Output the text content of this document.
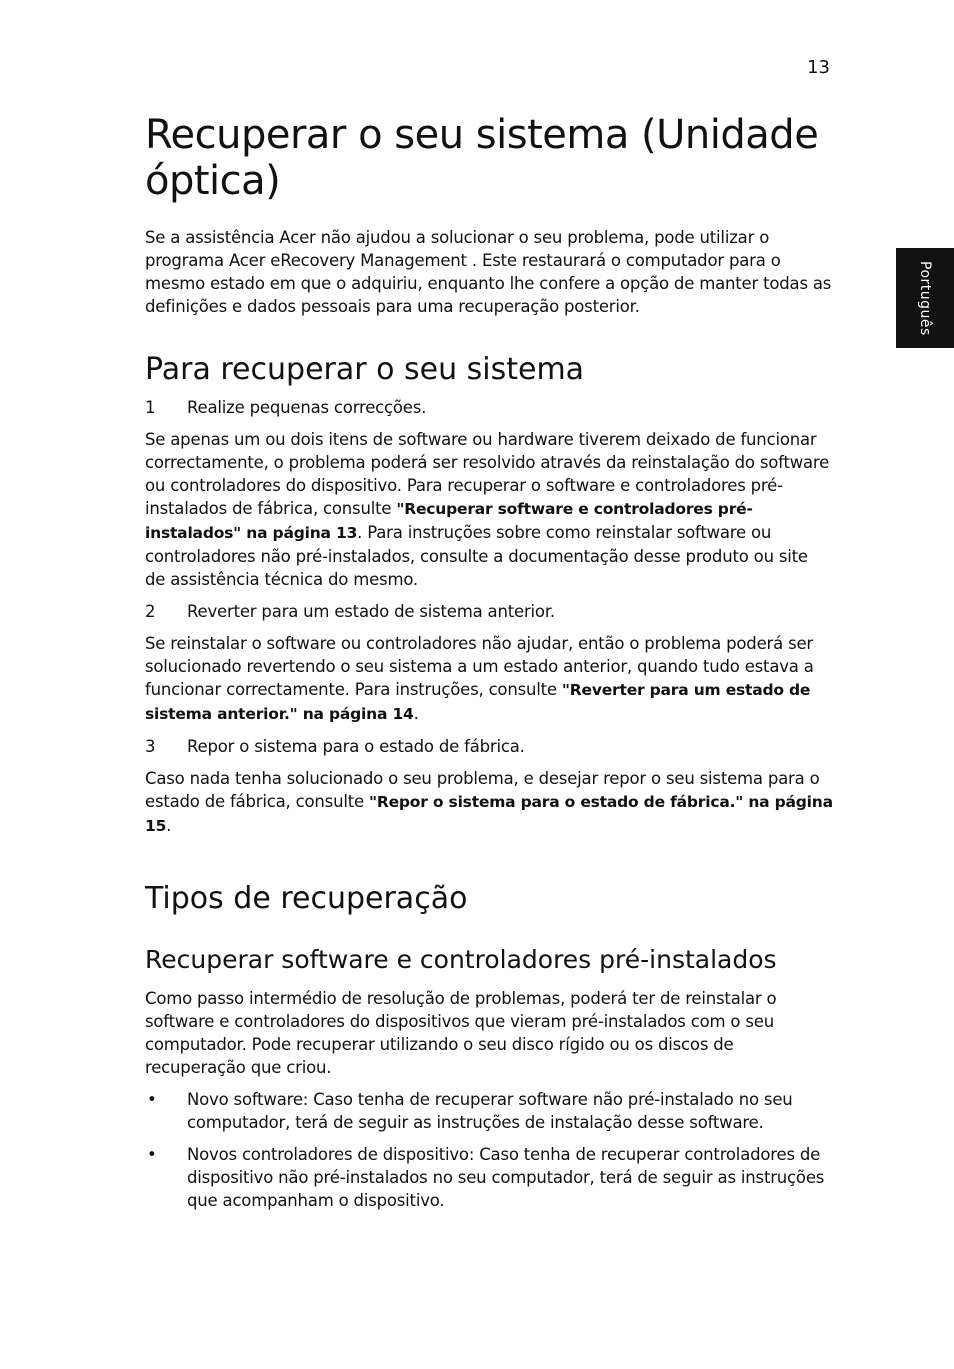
13
Português
Recuperar o seu sistema (Unidade óptica)

Se a assistência Acer não ajudou a solucionar o seu problema, pode utilizar o programa Acer eRecovery Management . Este restaurará o computador para o mesmo estado em que o adquiriu, enquanto lhe confere a opção de manter todas as definições e dados pessoais para uma recuperação posterior.

Para recuperar o seu sistema
1	Realize pequenas correcções.

Se apenas um ou dois itens de software ou hardware tiverem deixado de funcionar correctamente, o problema poderá ser resolvido através da reinstalação do software ou controladores do dispositivo. Para recuperar o software e controladores pré-instalados de fábrica, consulte "Recuperar software e controladores pré-instalados" na página 13. Para instruções sobre como reinstalar software ou controladores não pré-instalados, consulte a documentação desse produto ou site de assistência técnica do mesmo.

2	Reverter para um estado de sistema anterior.

Se reinstalar o software ou controladores não ajudar, então o problema poderá ser solucionado revertendo o seu sistema a um estado anterior, quando tudo estava a funcionar correctamente. Para instruções, consulte "Reverter para um estado de sistema anterior." na página 14.

3	Repor o sistema para o estado de fábrica.

Caso nada tenha solucionado o seu problema, e desejar repor o seu sistema para o estado de fábrica, consulte "Repor o sistema para o estado de fábrica." na página 15.

Tipos de recuperação
Recuperar software e controladores pré-instalados

Como passo intermédio de resolução de problemas, poderá ter de reinstalar o software e controladores do dispositivos que vieram pré-instalados com o seu computador. Pode recuperar utilizando o seu disco rígido ou os discos de recuperação que criou.

•	Novo software: Caso tenha de recuperar software não pré-instalado no seu computador, terá de seguir as instruções de instalação desse software.
•	Novos controladores de dispositivo: Caso tenha de recuperar controladores de dispositivo não pré-instalados no seu computador, terá de seguir as instruções que acompanham o dispositivo.
